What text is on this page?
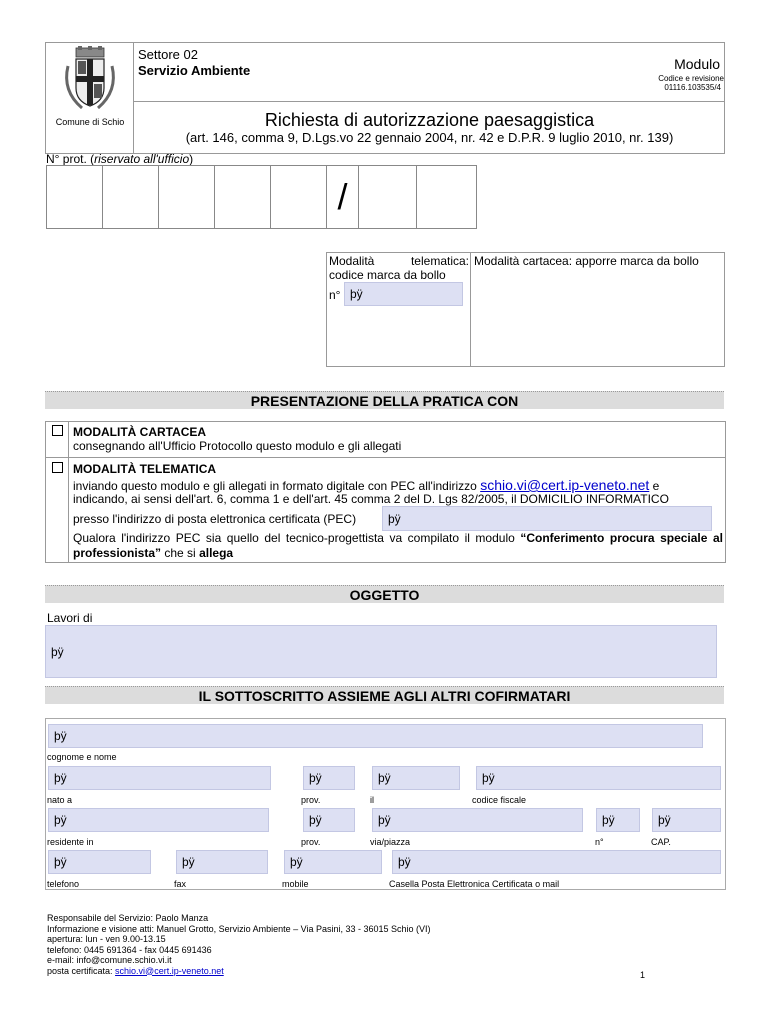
Comune di Schio
Settore 02
Servizio Ambiente	Modulo
Codice e revisione
01116.103535/4
Richiesta di autorizzazione paesaggistica
(art. 146, comma 9, D.Lgs.vo 22 gennaio 2004, nr. 42 e D.P.R. 9 luglio 2010, nr. 139)
N° prot. (riservato all'ufficio)
/
Modalità telematica: codice marca da bollo
n° þÿ
Modalità cartacea: apporre marca da bollo
PRESENTAZIONE DELLA PRATICA CON
MODALITÀ CARTACEA
consegnando all'Ufficio Protocollo questo modulo e gli allegati
MODALITÀ TELEMATICA
inviando questo modulo e gli allegati in formato digitale con PEC all'indirizzo schio.vi@cert.ip-veneto.net e
indicando, ai sensi dell'art. 6, comma 1 e dell'art. 45 comma 2 del D. Lgs 82/2005, il DOMICILIO INFORMATICO
presso l'indirizzo di posta elettronica certificata (PEC)	þÿ
Qualora l'indirizzo PEC sia quello del tecnico-progettista va compilato il modulo “Conferimento procura speciale al professionista” che si allega
OGGETTO
Lavori di
þÿ
IL SOTTOSCRITTO ASSIEME AGLI ALTRI COFIRMATARI
þÿ
cognome e nome
þÿ	þÿ	þÿ	þÿ
nato a	prov.	il	codice fiscale
þÿ	þÿ	þÿ	þÿ	þÿ
residente in	prov.	via/piazza	n°	CAP.
þÿ	þÿ	þÿ	þÿ
telefono	fax	mobile	Casella Posta Elettronica Certificata o mail
Responsabile del Servizio: Paolo Manza
Informazione e visione atti: Manuel Grotto, Servizio Ambiente – Via Pasini, 33 - 36015 Schio (VI)
apertura: lun - ven 9.00-13.15
telefono: 0445 691364 - fax 0445 691436
e-mail: info@comune.schio.vi.it
posta certificata: schio.vi@cert.ip-veneto.net	1
